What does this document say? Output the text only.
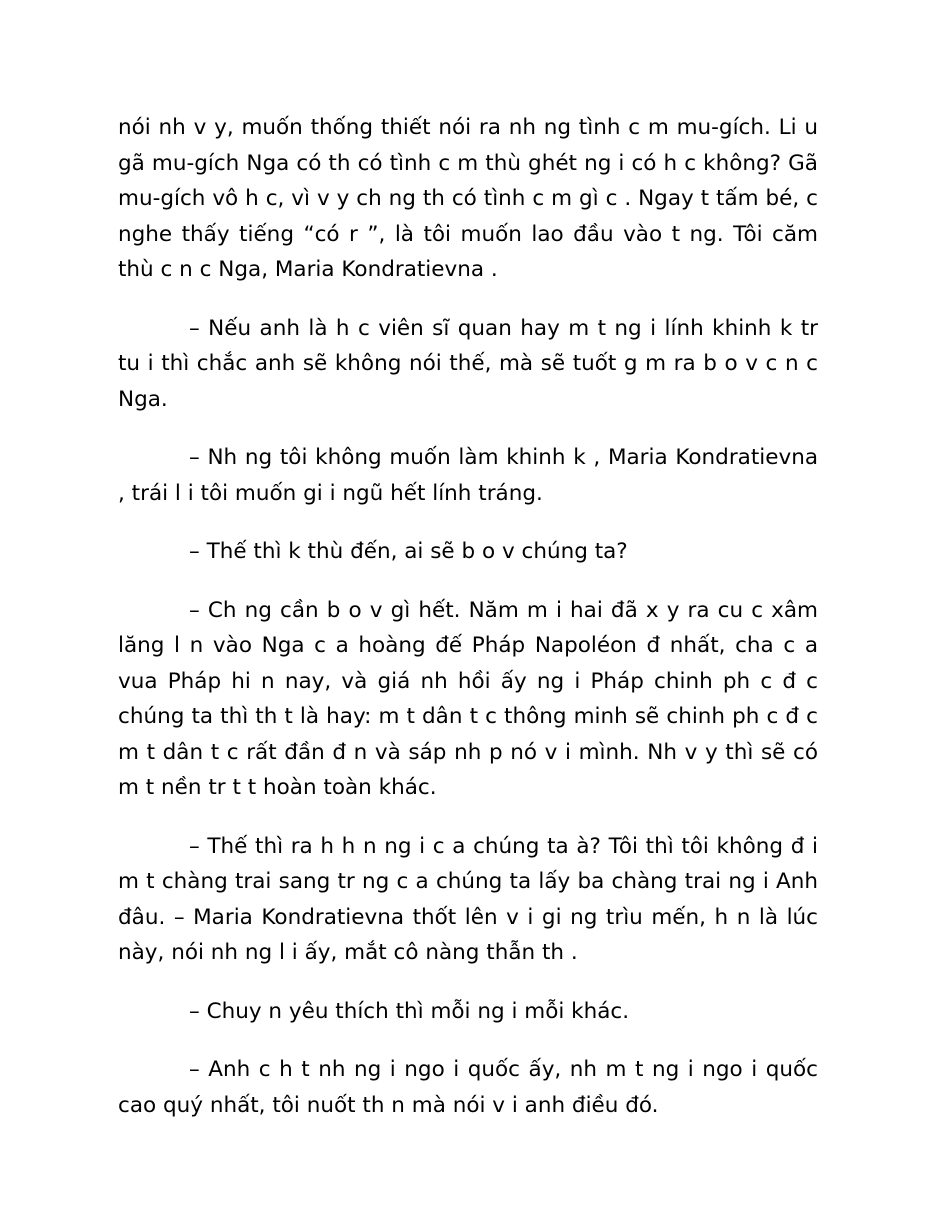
nói nh v y, muốn thống thiết nói ra nh ng tình c m mu-gích. Li u gã mu-gích Nga có th có tình c m thù ghét ng i có h c không? Gã mu-gích vô h c, vì v y ch ng th có tình c m gì c . Ngay t tấm bé, c nghe thấy tiếng “có r ”, là tôi muốn lao đầu vào t ng. Tôi căm thù c n c Nga, Maria Kondratievna .

– Nếu anh là h c viên sĩ quan hay m t ng i lính khinh k tr tu i thì chắc anh sẽ không nói thế, mà sẽ tuốt g m ra b o v c n c Nga.

– Nh ng tôi không muốn làm khinh k , Maria Kondratievna , trái l i tôi muốn gi i ngũ hết lính tráng.

– Thế thì k thù đến, ai sẽ b o v chúng ta?

– Ch ng cần b o v gì hết. Năm m i hai đã x y ra cu c xâm lăng l n vào Nga c a hoàng đế Pháp Napoléon đ nhất, cha c a vua Pháp hi n nay, và giá nh hồi ấy ng i Pháp chinh ph c đ c chúng ta thì th t là hay: m t dân t c thông minh sẽ chinh ph c đ c m t dân t c rất đần đ n và sáp nh p nó v i mình. Nh v y thì sẽ có m t nền tr t t hoàn toàn khác.

– Thế thì ra h h n ng i c a chúng ta à? Tôi thì tôi không đ i m t chàng trai sang tr ng c a chúng ta lấy ba chàng trai ng i Anh đâu. – Maria Kondratievna thốt lên v i gi ng trìu mến, h n là lúc này, nói nh ng l i ấy, mắt cô nàng thẫn th .

– Chuy n yêu thích thì mỗi ng i mỗi khác.

– Anh c h t nh ng i ngo i quốc ấy, nh m t ng i ngo i quốc cao quý nhất, tôi nuốt th n mà nói v i anh điều đó.
